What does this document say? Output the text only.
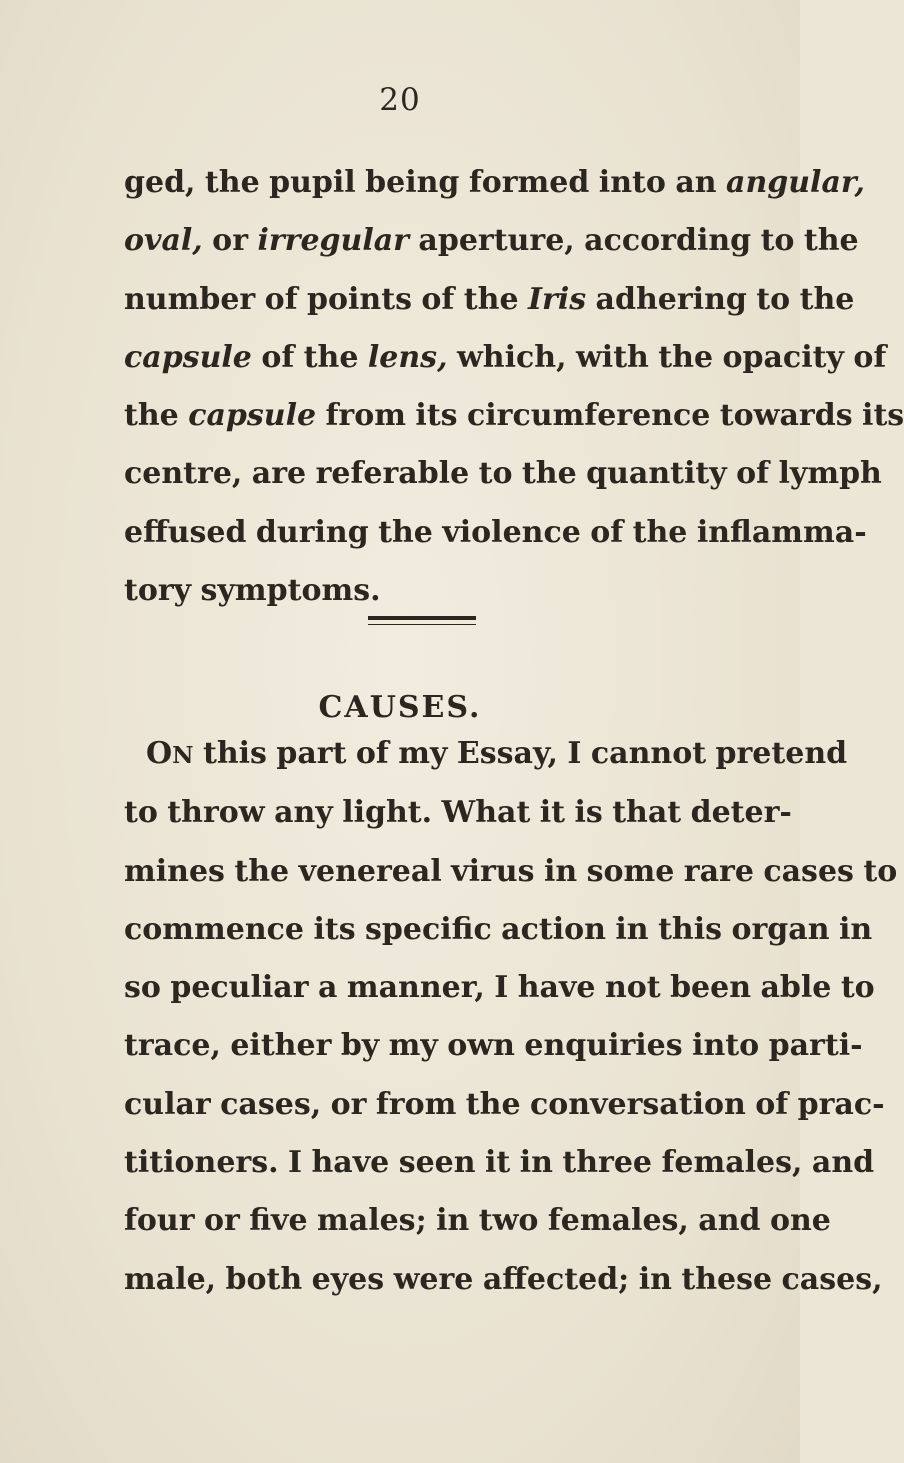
20
ged, the pupil being formed into an angular,
oval, or irregular aperture, according to the
number of points of the Iris adhering to the
capsule of the lens, which, with the opacity of
the capsule from its circumference towards its
centre, are referable to the quantity of lymph
effused during the violence of the inflamma-
tory symptoms.
CAUSES.
ON this part of my Essay, I cannot pretend
to throw any light. What it is that deter-
mines the venereal virus in some rare cases to
commence its specific action in this organ in
so peculiar a manner, I have not been able to
trace, either by my own enquiries into parti-
cular cases, or from the conversation of prac-
titioners. I have seen it in three females, and
four or five males; in two females, and one
male, both eyes were affected; in these cases,
